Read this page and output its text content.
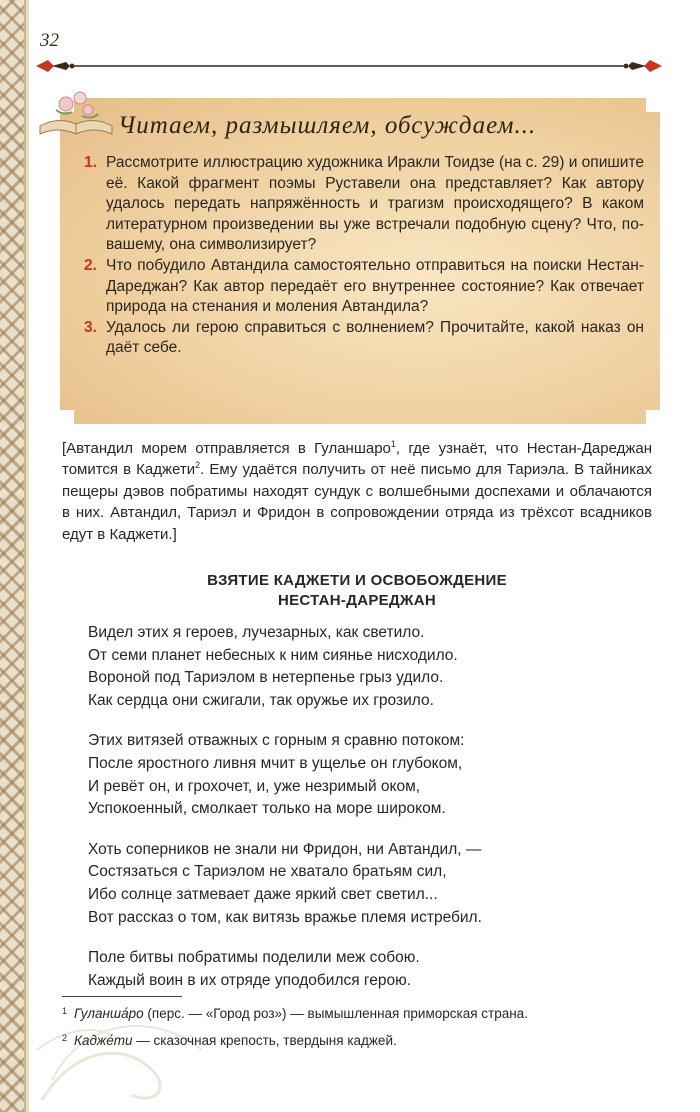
32
Читаем, размышляем, обсуждаем...
1. Рассмотрите иллюстрацию художника Иракли Тоидзе (на с. 29) и опишите её. Какой фрагмент поэмы Руставели она представляет? Как автору удалось передать напряжённость и трагизм происходящего? В каком литературном произведении вы уже встречали подобную сцену? Что, по-вашему, она символизирует?
2. Что побудило Автандила самостоятельно отправиться на поиски Нестан-Дареджан? Как автор передаёт его внутреннее состояние? Как отвечает природа на стенания и моления Автандила?
3. Удалось ли герою справиться с волнением? Прочитайте, какой наказ он даёт себе.

[Автандил морем отправляется в Гуланшаро$^1$, где узнаёт, что Нестан-Дареджан томится в Каджети$^2$. Ему удаётся получить от неё письмо для Тариэла. В тайниках пещеры дэвов побратимы находят сундук с волшебными доспехами и облачаются в них. Автандил, Тариэл и Фридон в сопровождении отряда из трёхсот всадников едут в Каджети.]

ВЗЯТИЕ КАДЖЕТИ И ОСВОБОЖДЕНИЕ
НЕСТАН-ДАРЕДЖАН
Видел этих я героев, лучезарных, как светило.
От семи планет небесных к ним сиянье нисходило.
Вороной под Тариэлом в нетерпенье грыз удило.
Как сердца они сжигали, так оружье их грозило.
Этих витязей отважных с горным я сравню потоком:
После яростного ливня мчит в ущелье он глубоком,
И ревёт он, и грохочет, и, уже незримый оком,
Успокоенный, смолкает только на море широком.
Хоть соперников не знали ни Фридон, ни Автандил, —
Состязаться с Тариэлом не хватало братьям сил,
Ибо солнце затмевает даже яркий свет светил...
Вот рассказ о том, как витязь вражье племя истребил.
Поле битвы побратимы поделили меж собою.
Каждый воин в их отряде уподобился герою.
1 Гуланша́ро (перс. — «Город роз») — вымышленная приморская страна.
2 Кадже́ти — сказочная крепость, твердыня каджей.
